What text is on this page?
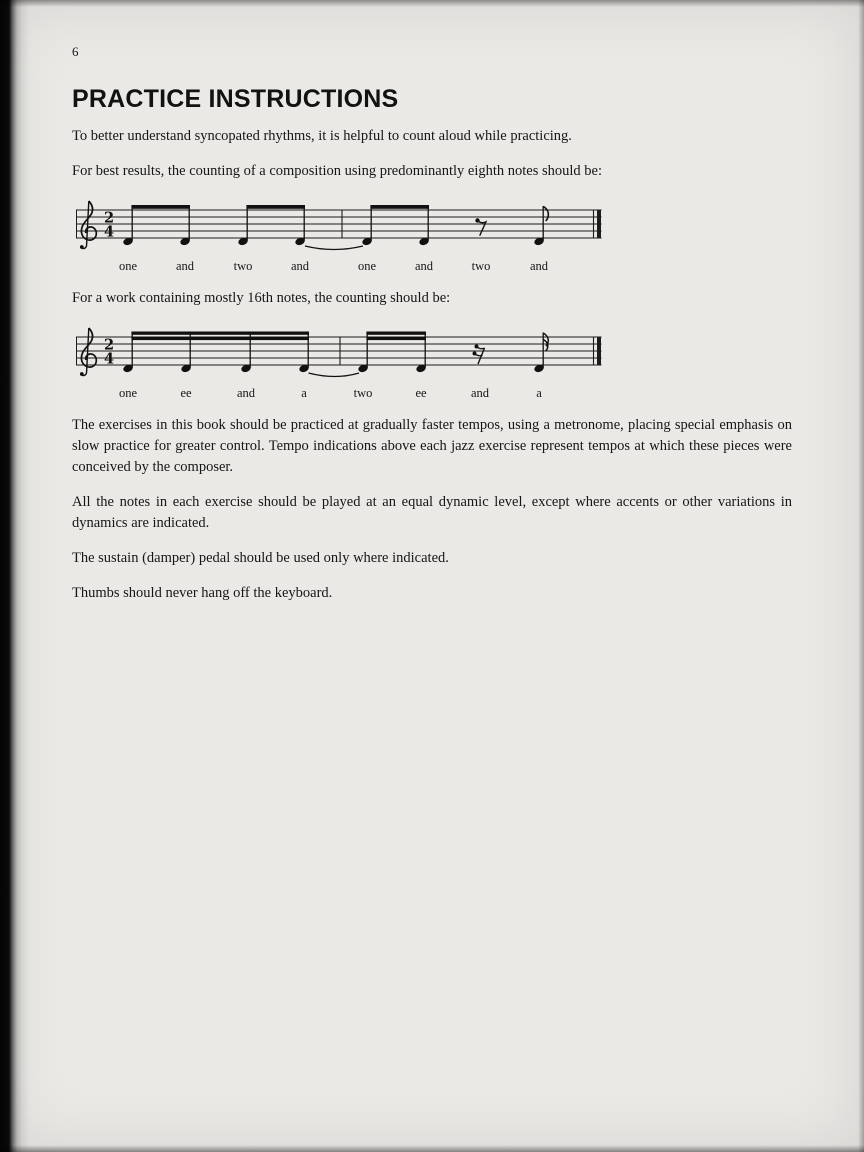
6

PRACTICE INSTRUCTIONS

To better understand syncopated rhythms, it is helpful to count aloud while practicing.

For best results, the counting of a composition using predominantly eighth notes should be:

2
4
one	and	two	and	one	and	two	and

For a work containing mostly 16th notes, the counting should be:

2
4
one	ee	and	a	two	ee	and	a

The exercises in this book should be practiced at gradually faster tempos, using a metronome, placing special emphasis on slow practice for greater control. Tempo indications above each jazz exercise represent tempos at which these pieces were conceived by the composer.

All the notes in each exercise should be played at an equal dynamic level, except where accents or other variations in dynamics are indicated.

The sustain (damper) pedal should be used only where indicated.

Thumbs should never hang off the keyboard.
